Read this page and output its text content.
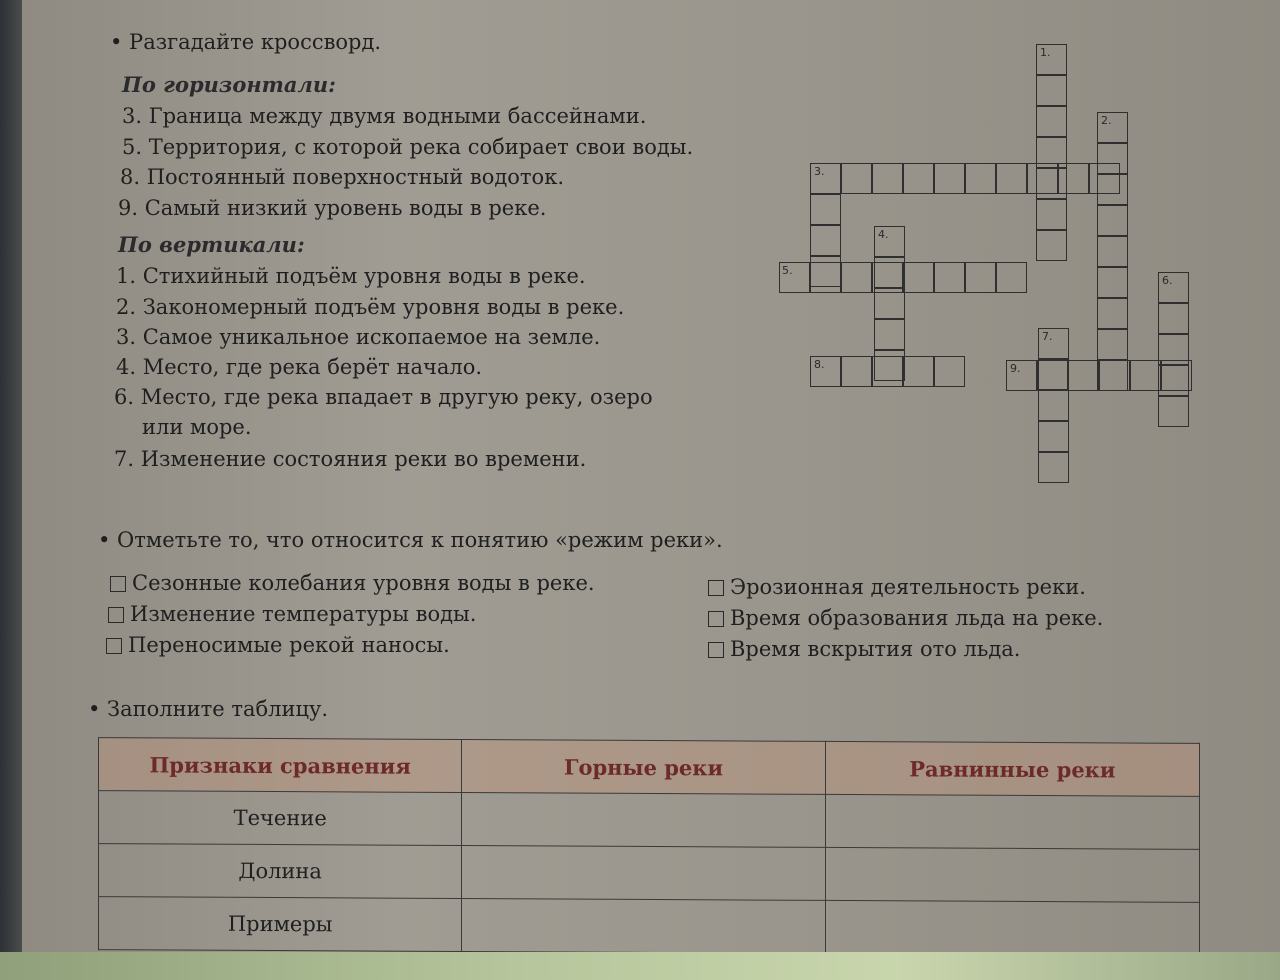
• Разгадайте кроссворд.
По горизонтали:
3. Граница между двумя водными бассейнами.
5. Территория, с которой река собирает свои воды.
8. Постоянный поверхностный водоток.
9. Самый низкий уровень воды в реке.
По вертикали:
1. Стихийный подъём уровня воды в реке.
2. Закономерный подъём уровня воды в реке.
3. Самое уникальное ископаемое на земле.
4. Место, где река берёт начало.
6. Место, где река впадает в другую реку, озеро
или море.
7. Изменение состояния реки во времени.
1.
2.
3.
4.
5.
6.
7.
8.	9.
• Отметьте то, что относится к понятию «режим реки».
Сезонные колебания уровня воды в реке.
Изменение температуры воды.
Переносимые рекой наносы.
Эрозионная деятельность реки.
Время образования льда на реке.
Время вскрытия ото льда.
• Заполните таблицу.
Признаки сравнения	Горные реки	Равнинные реки
Течение		
Долина		
Примеры		
